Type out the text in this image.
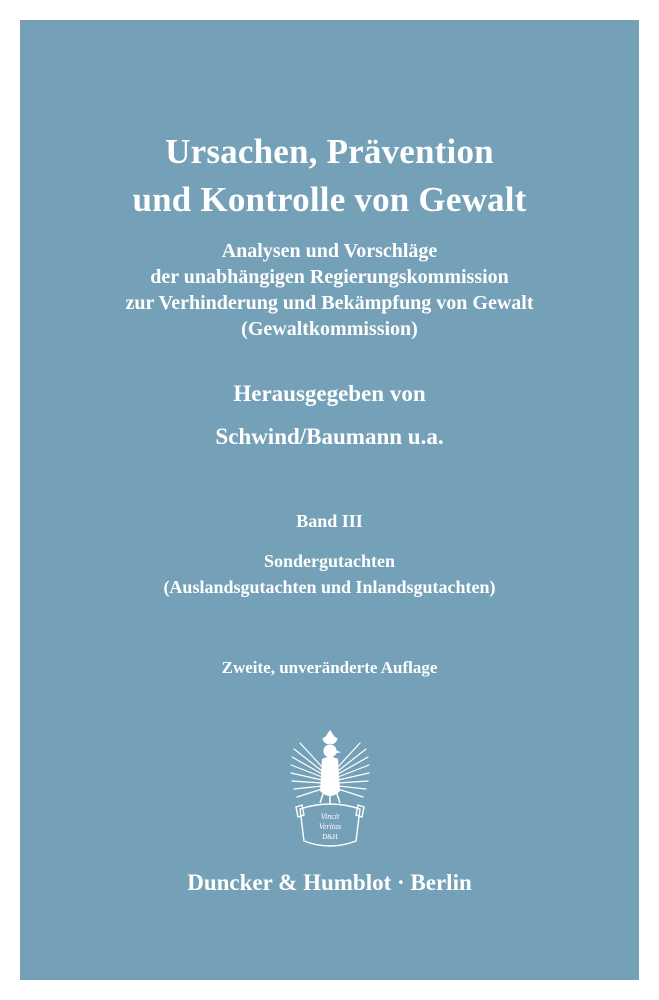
Ursachen, Prävention
und Kontrolle von Gewalt
Analysen und Vorschläge
der unabhängigen Regierungskommission
zur Verhinderung und Bekämpfung von Gewalt
(Gewaltkommission)
Herausgegeben von
Schwind/Baumann u.a.
Band III
Sondergutachten
(Auslandsgutachten und Inlandsgutachten)
Zweite, unveränderte Auflage
Vincit
Veritas
D&H
Duncker & Humblot · Berlin
